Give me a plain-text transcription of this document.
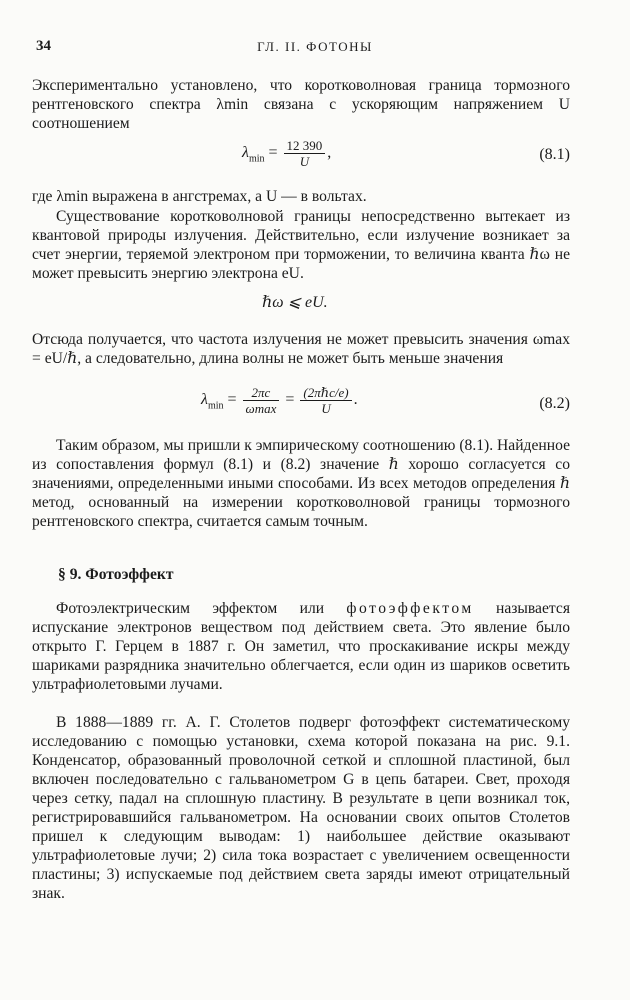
34	ГЛ. II. ФОТОНЫ

Экспериментально установлено, что коротковолновая граница тормозного рентгеновского спектра λmin связана с ускоряющим напряжением U соотношением

$\lambda_{min} = \frac{12 390}{U}$ ,	(8.1)

где λmin выражена в ангстремах, а U — в вольтах.

Существование коротковолновой границы непосредственно вытекает из квантовой природы излучения. Действительно, если излучение возникает за счет энергии, теряемой электроном при торможении, то величина кванта ℏω не может превысить энергию электрона eU.

ℏω ⩽ eU.

Отсюда получается, что частота излучения не может превысить значения ωmax = eU/ℏ, а следовательно, длина волны не может быть меньше значения

$\lambda_{min} = \frac{2\pi c}{\omega\max} = \frac{\text{(2πℏc/e)}}{U}$ .	(8.2)

Таким образом, мы пришли к эмпирическому соотношению (8.1). Найденное из сопоставления формул (8.1) и (8.2) значение ℏ хорошо согласуется со значениями, определенными иными способами. Из всех методов определения ℏ метод, основанный на измерении коротковолновой границы тормозного рентгеновского спектра, считается самым точным.

§ 9. Фотоэффект

Фотоэлектрическим эффектом или фотоэффектом называется испускание электронов веществом под действием света. Это явление было открыто Г. Герцем в 1887 г. Он заметил, что проскакивание искры между шариками разрядника значительно облегчается, если один из шариков осветить ультрафиолетовыми лучами.

В 1888—1889 гг. А. Г. Столетов подверг фотоэффект систематическому исследованию с помощью установки, схема которой показана на рис. 9.1. Конденсатор, образованный проволочной сеткой и сплошной пластиной, был включен последовательно с гальванометром G в цепь батареи. Свет, проходя через сетку, падал на сплошную пластину. В результате в цепи возникал ток, регистрировавшийся гальванометром. На основании своих опытов Столетов пришел к следующим выводам: 1) наибольшее действие оказывают ультрафиолетовые лучи; 2) сила тока возрастает с увеличением освещенности пластины; 3) испускаемые под действием света заряды имеют отрицательный знак.
